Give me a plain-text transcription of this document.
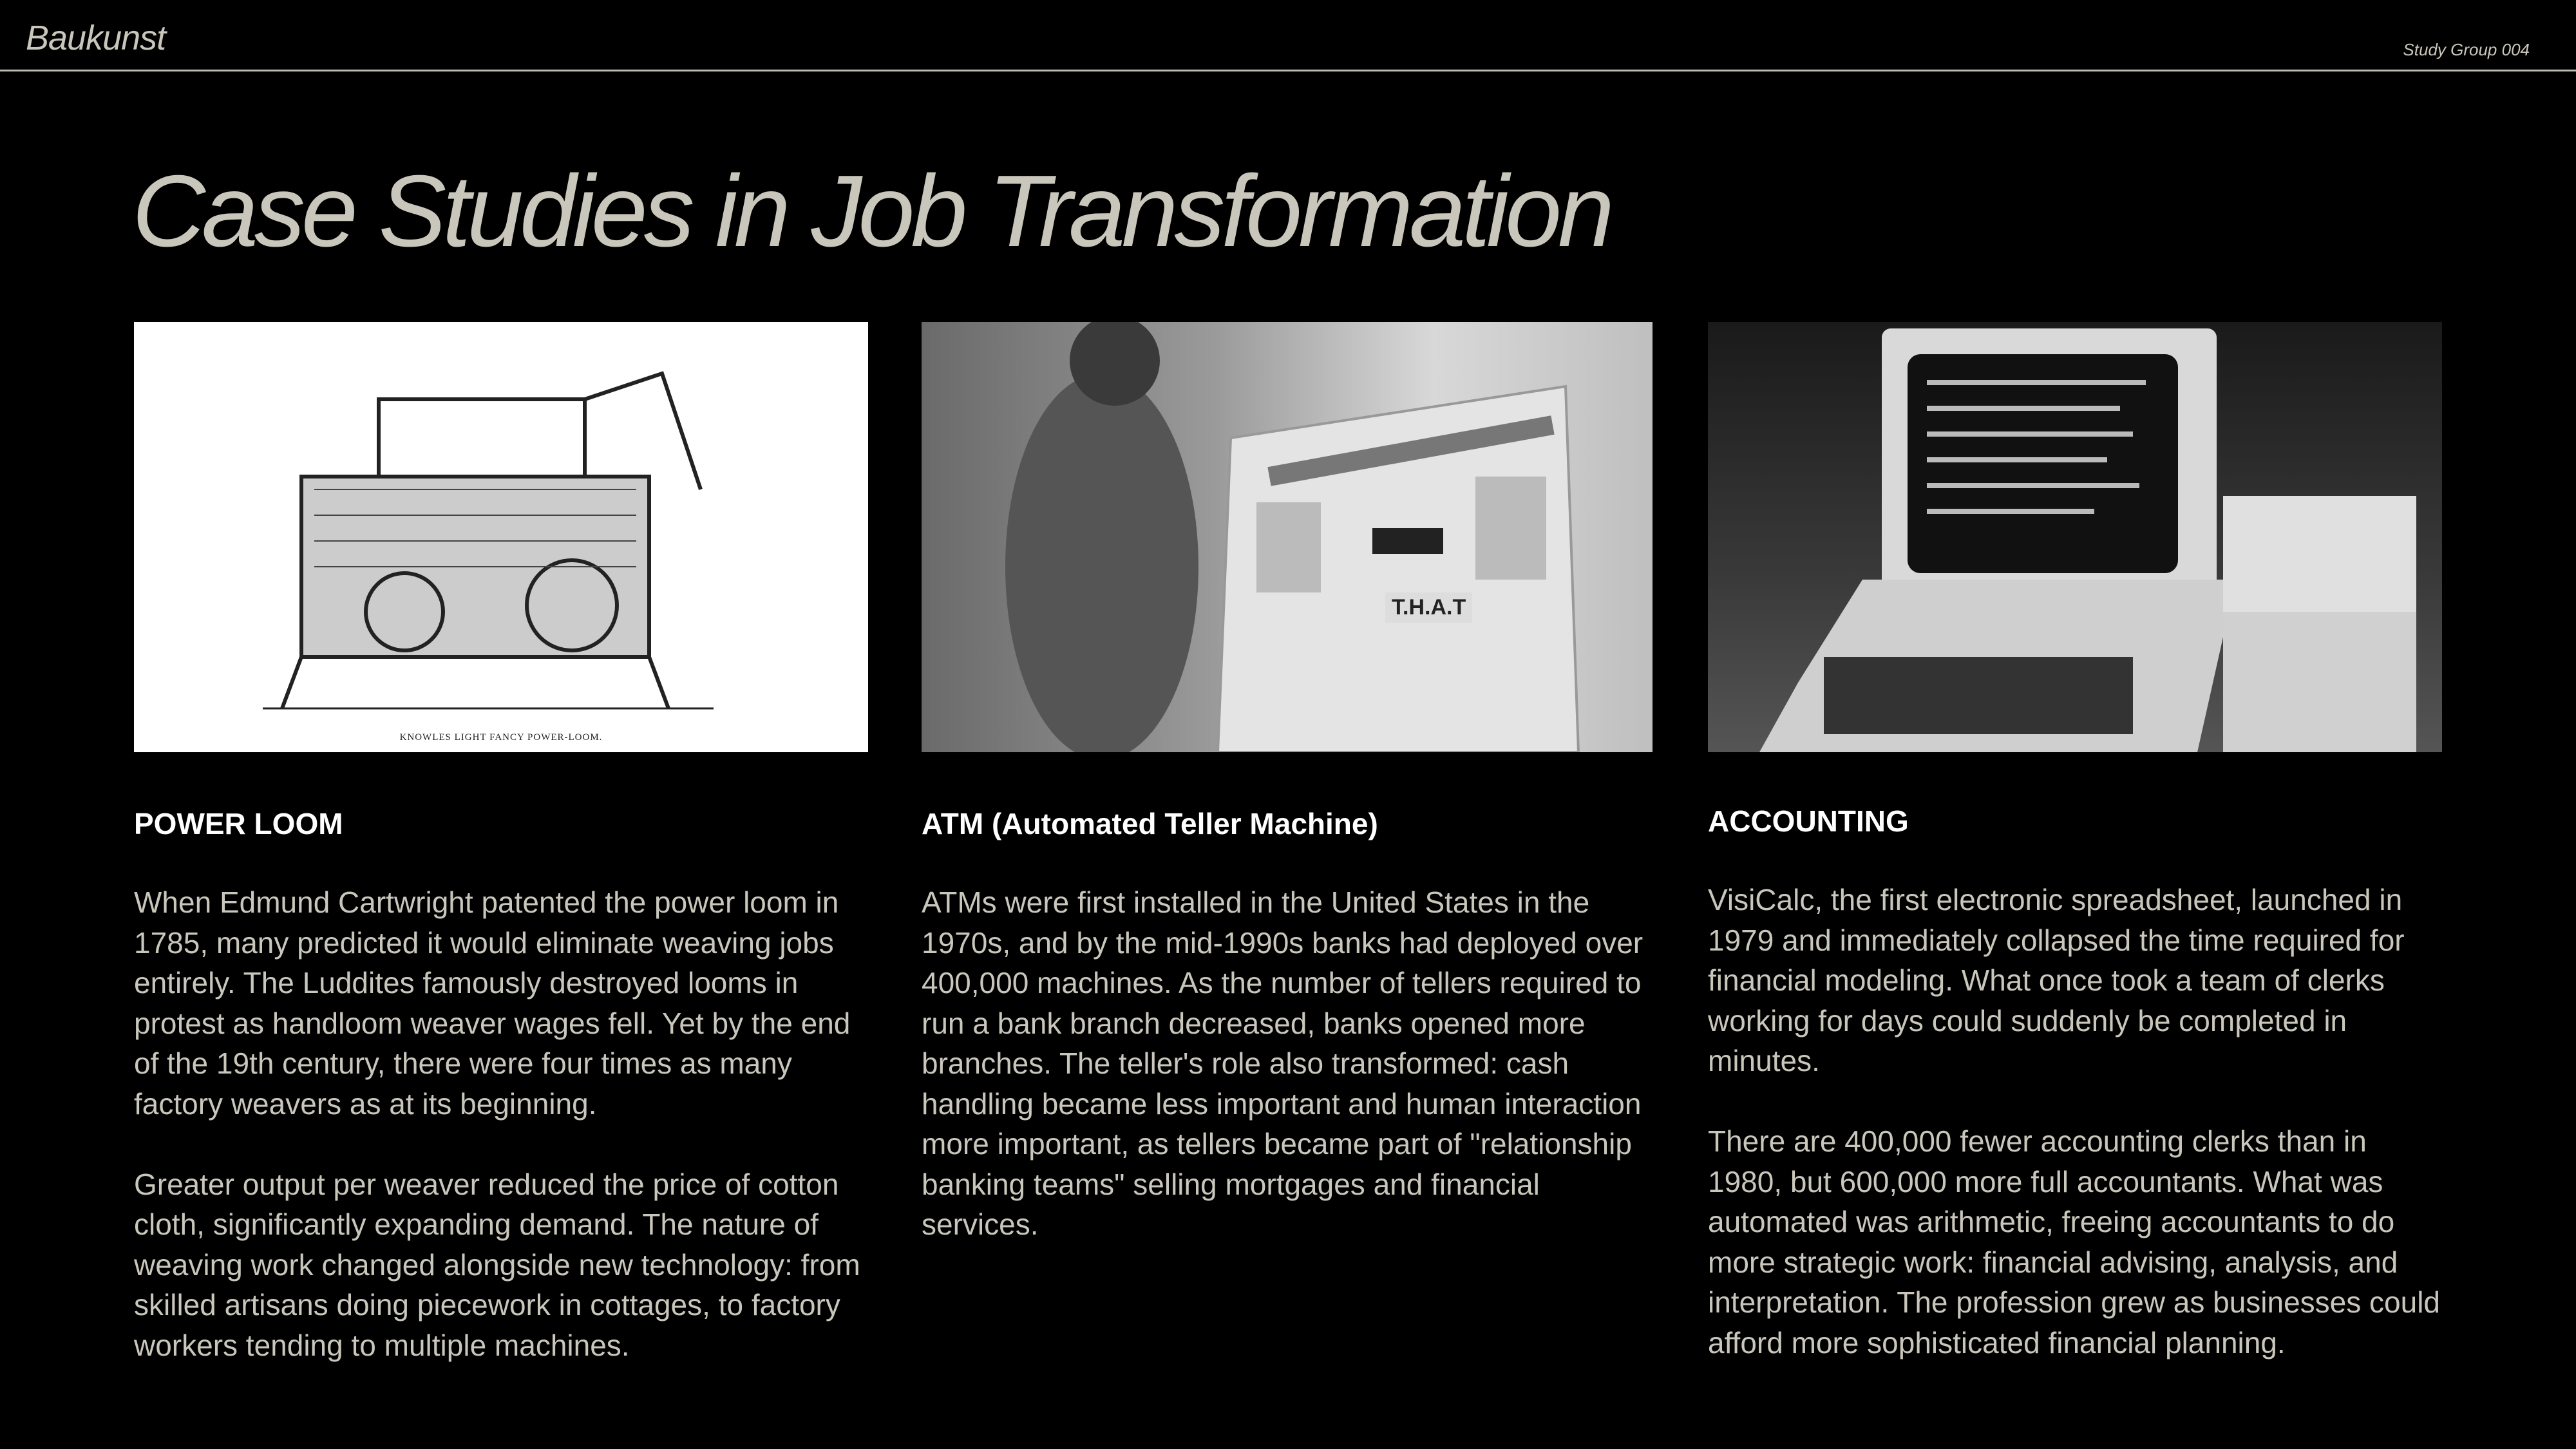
Baukunst	Study Group 004
Case Studies in Job Transformation
KNOWLES LIGHT FANCY POWER-LOOM.
POWER LOOM

When Edmund Cartwright patented the power loom in 1785, many predicted it would eliminate weaving jobs entirely. The Luddites famously destroyed looms in protest as handloom weaver wages fell. Yet by the end of the 19th century, there were four times as many factory weavers as at its beginning.

Greater output per weaver reduced the price of cotton cloth, significantly expanding demand. The nature of weaving work changed alongside new technology: from skilled artisans doing piecework in cottages, to factory workers tending to multiple machines.

T.H.A.T
ATM (Automated Teller Machine)

ATMs were first installed in the United States in the 1970s, and by the mid-1990s banks had deployed over 400,000 machines. As the number of tellers required to run a bank branch decreased, banks opened more branches. The teller's role also transformed: cash handling became less important and human interaction more important, as tellers became part of "relationship banking teams" selling mortgages and financial services.

ACCOUNTING

VisiCalc, the first electronic spreadsheet, launched in 1979 and immediately collapsed the time required for financial modeling. What once took a team of clerks working for days could suddenly be completed in minutes.

There are 400,000 fewer accounting clerks than in 1980, but 600,000 more full accountants. What was automated was arithmetic, freeing accountants to do more strategic work: financial advising, analysis, and interpretation. The profession grew as businesses could afford more sophisticated financial planning.
